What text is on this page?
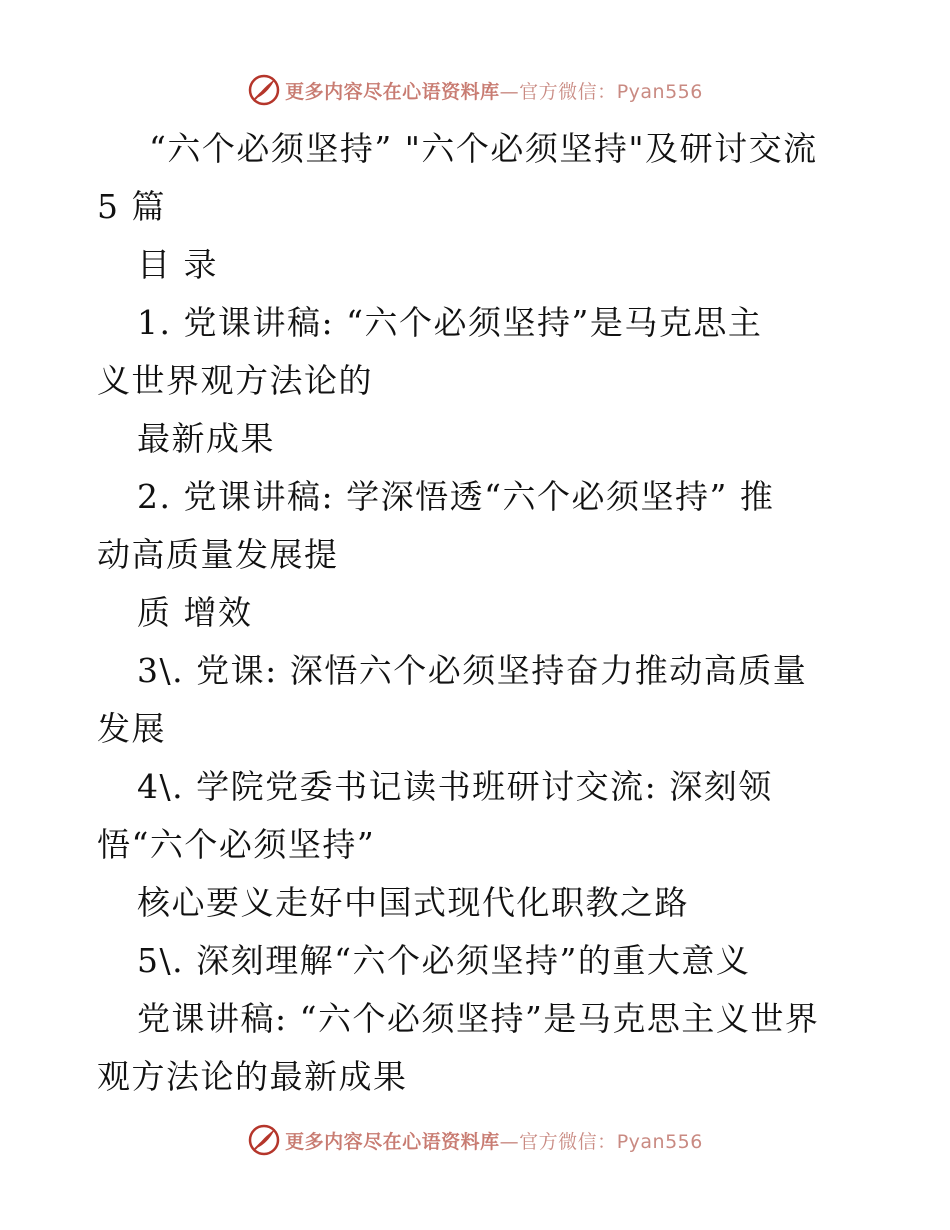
更多内容尽在心语资料库—官方微信：Pyan556
“六个必须坚持” "六个必须坚持"及研讨交流
5 篇
目 录
1. 党课讲稿: “六个必须坚持”是马克思主
义世界观方法论的
最新成果
2. 党课讲稿: 学深悟透“六个必须坚持” 推
动高质量发展提
质 增效
3\. 党课: 深悟六个必须坚持奋力推动高质量
发展
4\. 学院党委书记读书班研讨交流: 深刻领
悟“六个必须坚持”
核心要义走好中国式现代化职教之路
5\. 深刻理解“六个必须坚持”的重大意义
党课讲稿: “六个必须坚持”是马克思主义世界
观方法论的最新成果
更多内容尽在心语资料库—官方微信：Pyan556
